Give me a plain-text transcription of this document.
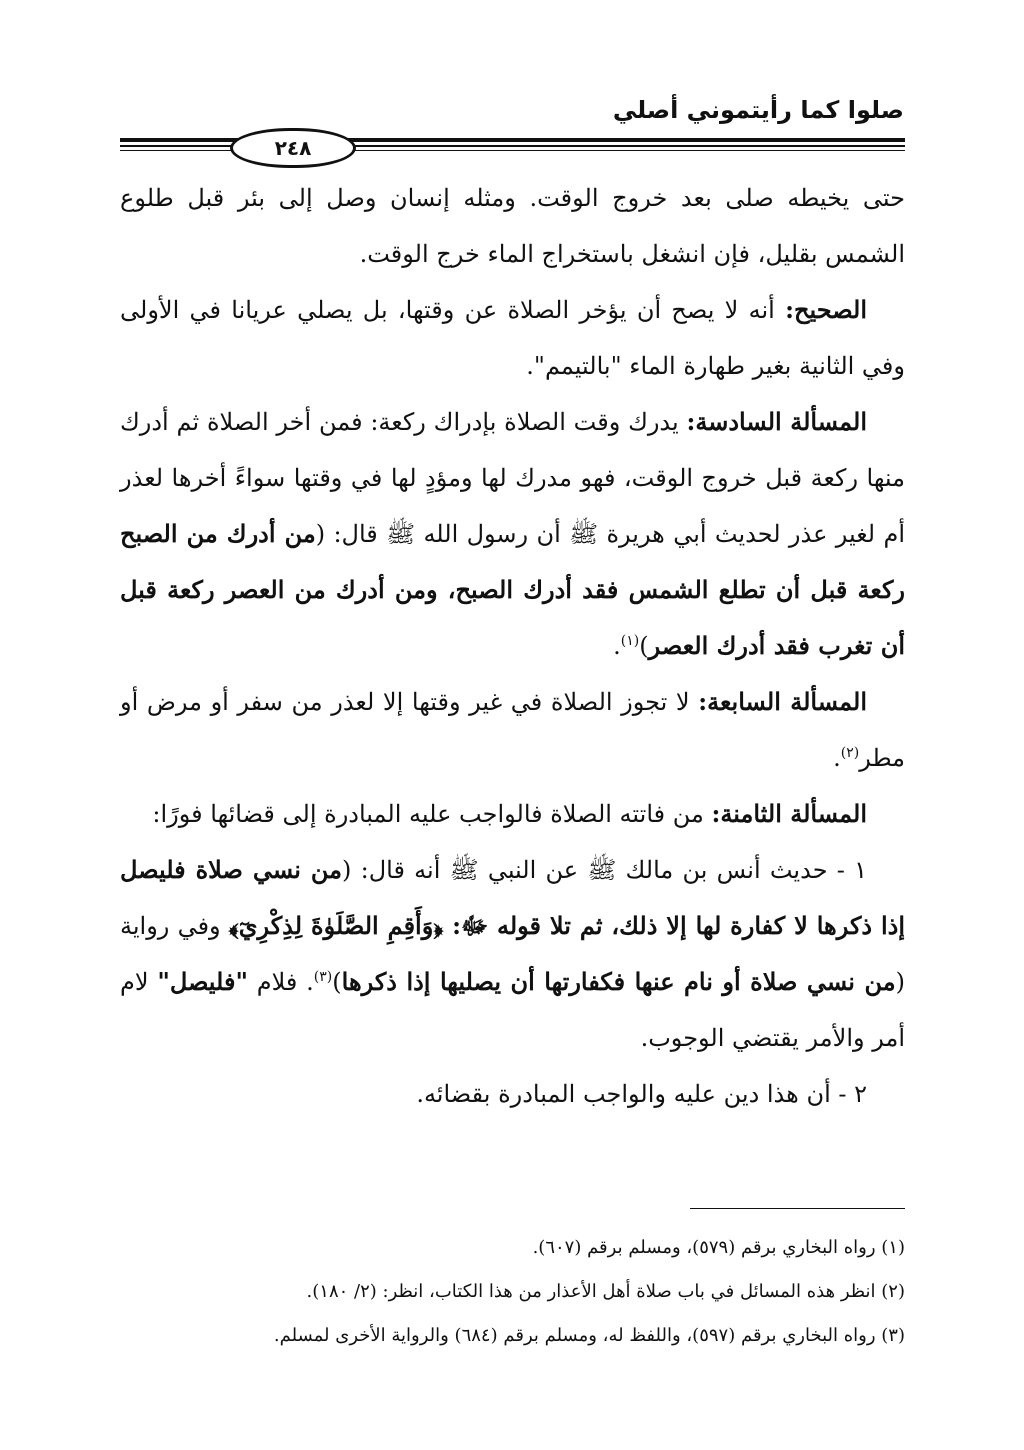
صلوا كما رأيتموني أصلي
٢٤٨

حتى يخيطه صلى بعد خروج الوقت. ومثله إنسان وصل إلى بئر قبل طلوع الشمس بقليل، فإن انشغل باستخراج الماء خرج الوقت.

الصحيح: أنه لا يصح أن يؤخر الصلاة عن وقتها، بل يصلي عريانا في الأولى وفي الثانية بغير طهارة الماء "بالتيمم".

المسألة السادسة: يدرك وقت الصلاة بإدراك ركعة: فمن أخر الصلاة ثم أدرك منها ركعة قبل خروج الوقت، فهو مدرك لها ومؤدٍ لها في وقتها سواءً أخرها لعذر أم لغير عذر لحديث أبي هريرة ﷺ أن رسول الله ﷺ قال: (من أدرك من الصبح ركعة قبل أن تطلع الشمس فقد أدرك الصبح، ومن أدرك من العصر ركعة قبل أن تغرب فقد أدرك العصر)$^{(١)}$.

المسألة السابعة: لا تجوز الصلاة في غير وقتها إلا لعذر من سفر أو مرض أو مطر$^{(٢)}$.

المسألة الثامنة: من فاتته الصلاة فالواجب عليه المبادرة إلى قضائها فورًا:

١ - حديث أنس بن مالك ﷺ عن النبي ﷺ أنه قال: (من نسي صلاة فليصل إذا ذكرها لا كفارة لها إلا ذلك، ثم تلا قوله ﷻ: ﴿وَأَقِمِ الصَّلَوٰةَ لِذِكْرِيٓ﴾ وفي رواية (من نسي صلاة أو نام عنها فكفارتها أن يصليها إذا ذكرها)$^{(٣)}$. فلام "فليصل" لام أمر والأمر يقتضي الوجوب.

٢ - أن هذا دين عليه والواجب المبادرة بقضائه.

(١) رواه البخاري برقم (٥٧٩)، ومسلم برقم (٦٠٧).

(٢) انظر هذه المسائل في باب صلاة أهل الأعذار من هذا الكتاب، انظر: (٢/ ١٨٠).

(٣) رواه البخاري برقم (٥٩٧)، واللفظ له، ومسلم برقم (٦٨٤) والرواية الأخرى لمسلم.
